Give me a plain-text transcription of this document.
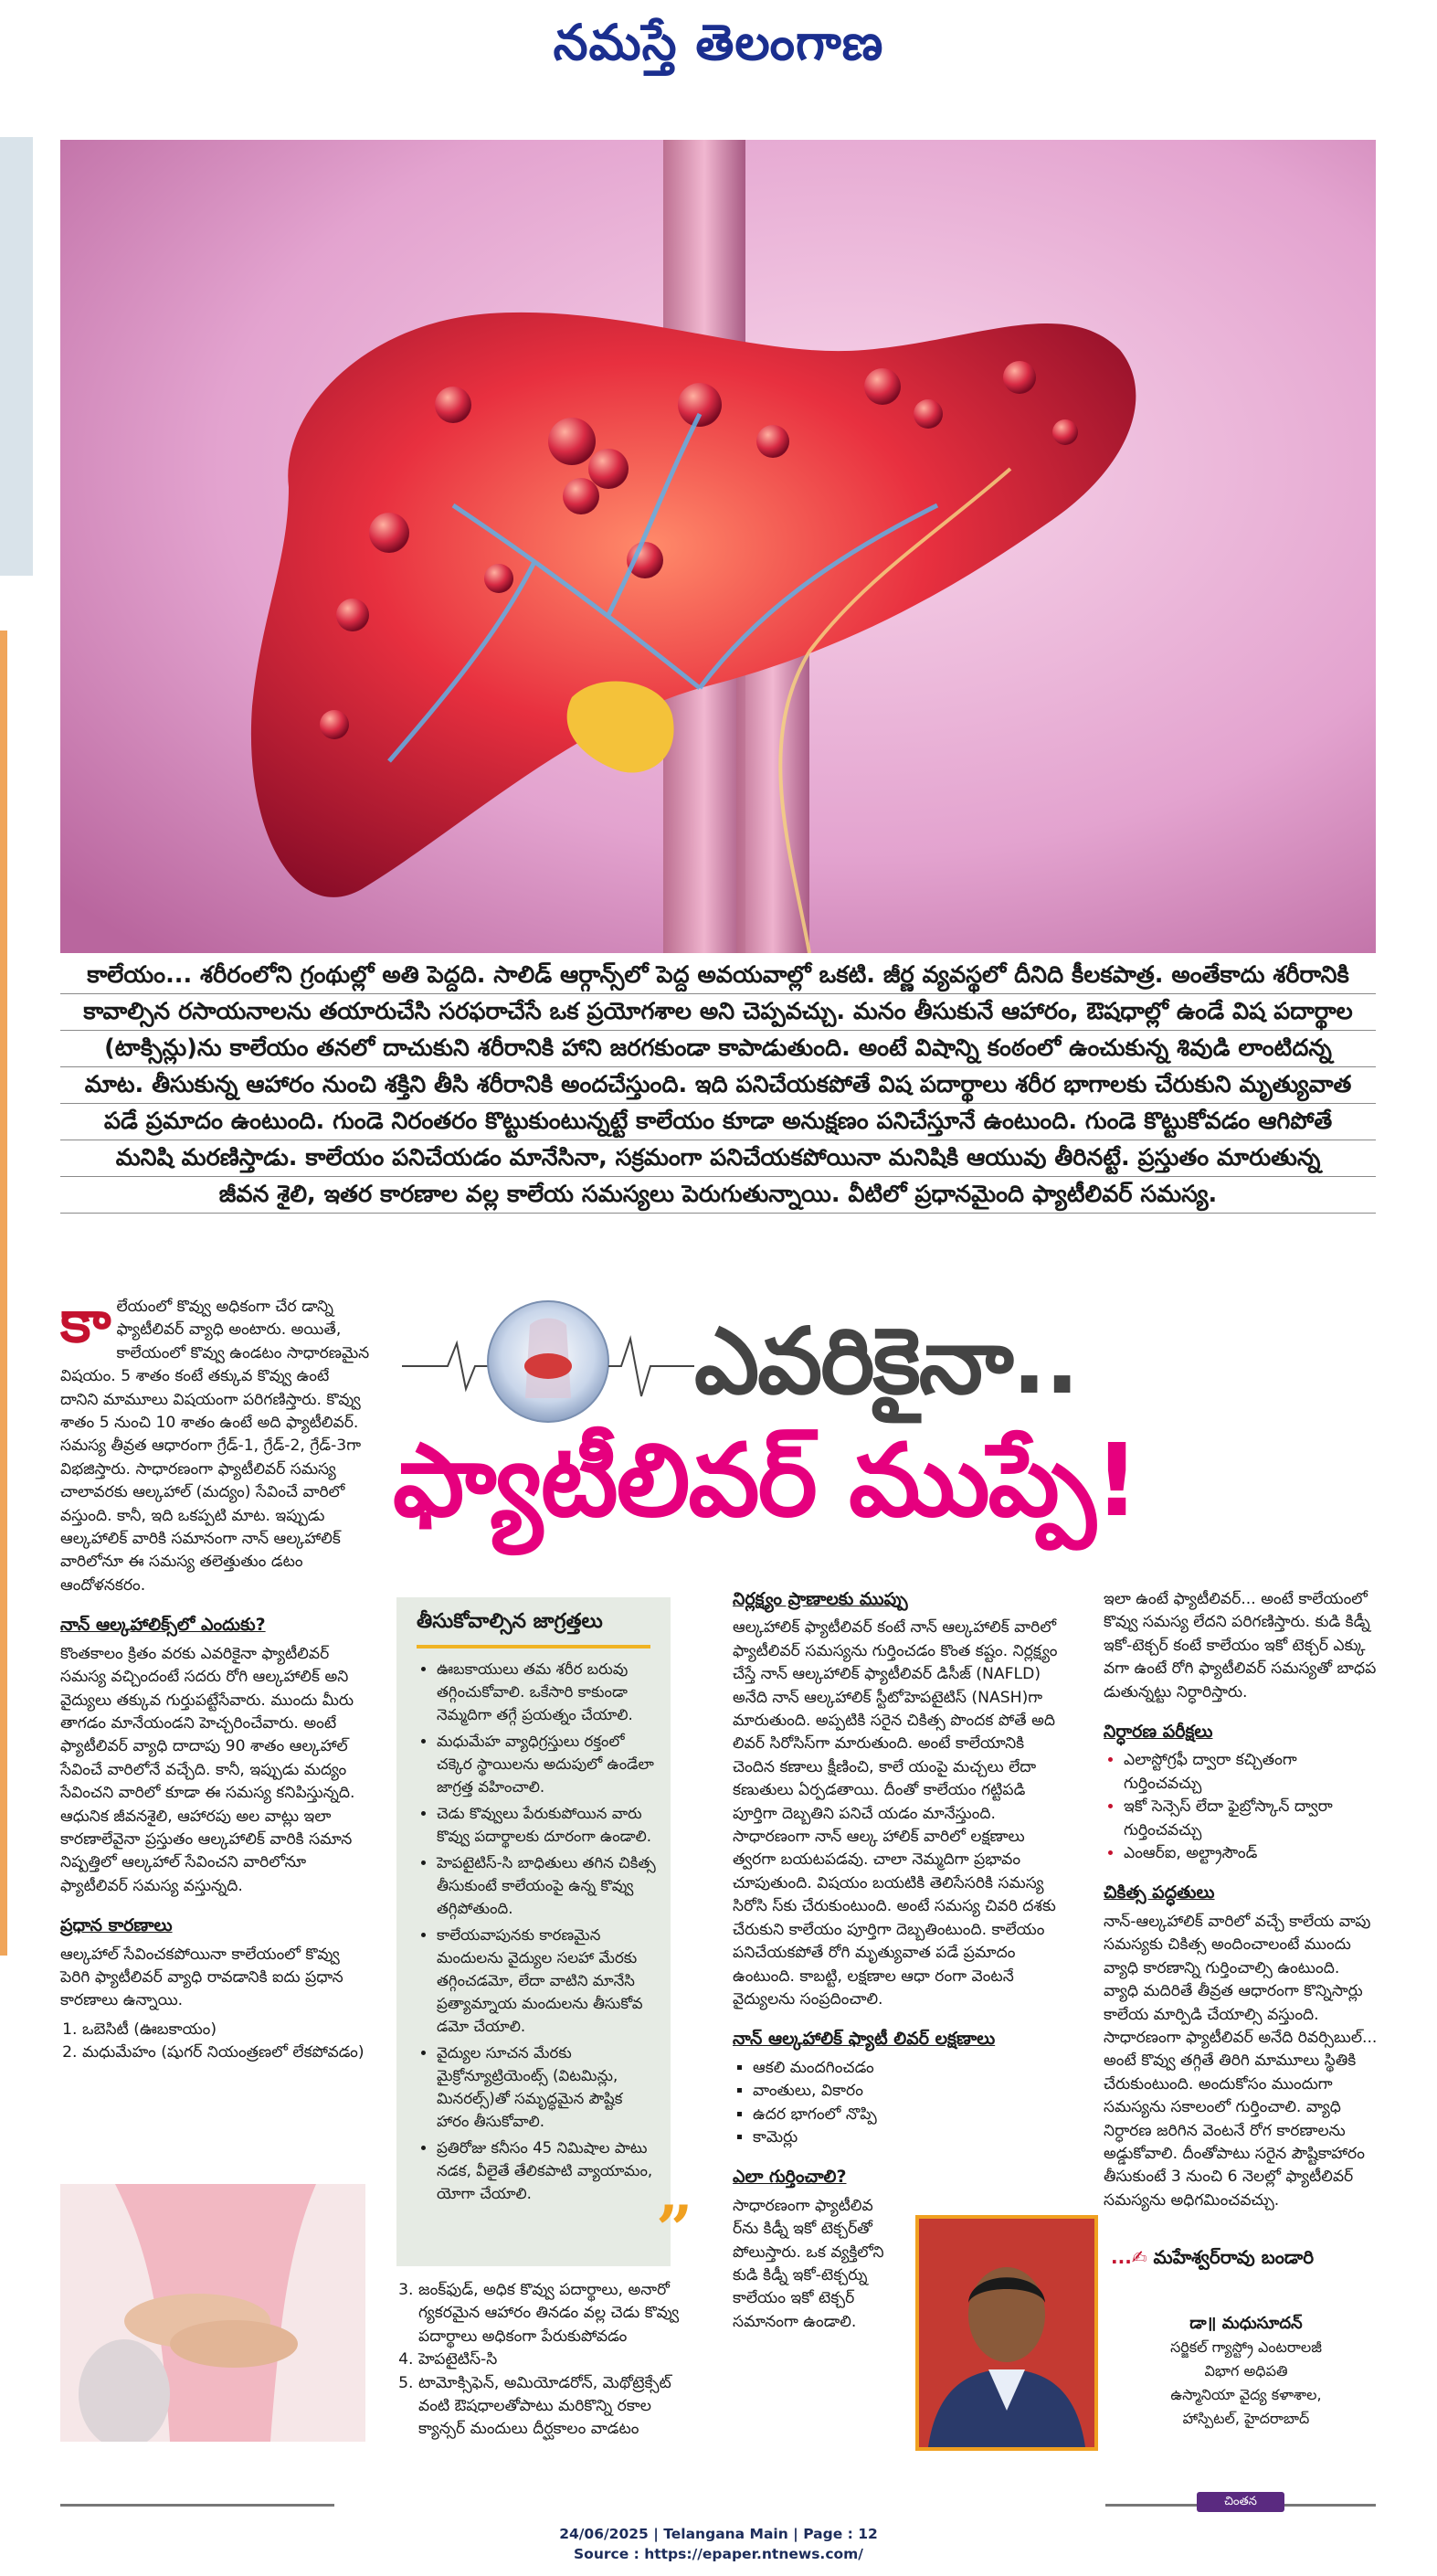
నమస్తే తెలంగాణ
కాలేయం... శరీరంలోని గ్రంథుల్లో అతి పెద్దది. సాలిడ్ ఆర్గాన్స్‌లో పెద్ద అవయవాల్లో ఒకటి. జీర్ణ వ్యవస్థలో దీనిది కీలకపాత్ర. అంతేకాదు శరీరానికి
కావాల్సిన రసాయనాలను తయారుచేసి సరఫరాచేసే ఒక ప్రయోగశాల అని చెప్పవచ్చు. మనం తీసుకునే ఆహారం, ఔషధాల్లో ఉండే విష పదార్థాల
(టాక్సిన్లు)ను కాలేయం తనలో దాచుకుని శరీరానికి హాని జరగకుండా కాపాడుతుంది. అంటే విషాన్ని కంఠంలో ఉంచుకున్న శివుడి లాంటిదన్న
మాట. తీసుకున్న ఆహారం నుంచి శక్తిని తీసి శరీరానికి అందచేస్తుంది. ఇది పనిచేయకపోతే విష పదార్థాలు శరీర భాగాలకు చేరుకుని మృత్యువాత
పడే ప్రమాదం ఉంటుంది. గుండె నిరంతరం కొట్టుకుంటున్నట్టే కాలేయం కూడా అనుక్షణం పనిచేస్తూనే ఉంటుంది. గుండె కొట్టుకోవడం ఆగిపోతే
మనిషి మరణిస్తాడు. కాలేయం పనిచేయడం మానేసినా, సక్రమంగా పనిచేయకపోయినా మనిషికి ఆయువు తీరినట్టే. ప్రస్తుతం మారుతున్న
జీవన శైలి, ఇతర కారణాల వల్ల కాలేయ సమస్యలు పెరుగుతున్నాయి. వీటిలో ప్రధానమైంది ఫ్యాటీలివర్ సమస్య.
ఎవరికైనా..
ఫ్యాటీలివర్ ముప్పే!

కాలేయంలో కొవ్వు అధికంగా చేర డాన్ని ఫ్యాటీలివర్ వ్యాధి అంటారు. అయితే, కాలేయంలో కొవ్వు ఉండటం సాధారణమైన విషయం. 5 శాతం కంటే తక్కువ కొవ్వు ఉంటే దానిని మామూలు విషయంగా పరిగణిస్తారు. కొవ్వు శాతం 5 నుంచి 10 శాతం ఉంటే అది ఫ్యాటీలివర్. సమస్య తీవ్రత ఆధారంగా గ్రేడ్-1, గ్రేడ్-2, గ్రేడ్-3గా విభజిస్తారు. సాధారణంగా ఫ్యాటీలివర్ సమస్య చాలావరకు ఆల్కహాల్ (మద్యం) సేవించే వారిలో వస్తుంది. కానీ, ఇది ఒకప్పటి మాట. ఇప్పుడు ఆల్కహాలిక్ వారికి సమానంగా నాన్ ఆల్కహాలిక్ వారిలోనూ ఈ సమస్య తలెత్తుతుం డటం ఆందోళనకరం.

నాన్ ఆల్కహాలిక్స్‌లో ఎందుకు?

కొంతకాలం క్రితం వరకు ఎవరికైనా ఫ్యాటీలివర్ సమస్య వచ్చిందంటే సదరు రోగి ఆల్కహాలిక్ అని వైద్యులు తక్కువ గుర్తుపట్టేసేవారు. ముందు మీరు తాగడం మానేయండని హెచ్చరించేవారు. అంటే ఫ్యాటీలివర్ వ్యాధి దాదాపు 90 శాతం ఆల్కహాల్ సేవించే వారిలోనే వచ్చేది. కానీ, ఇప్పుడు మద్యం సేవించని వారిలో కూడా ఈ సమస్య కనిపిస్తున్నది. ఆధునిక జీవనశైలి, ఆహారపు అల వాట్లు ఇలా కారణాలేవైనా ప్రస్తుతం ఆల్కహాలిక్ వారికి సమాన నిష్పత్తిలో ఆల్కహాల్ సేవించని వారిలోనూ ఫ్యాటీలివర్ సమస్య వస్తున్నది.

ప్రధాన కారణాలు

ఆల్కహాల్ సేవించకపోయినా కాలేయంలో కొవ్వు పెరిగి ఫ్యాటీలివర్ వ్యాధి రావడానికి ఐదు ప్రధాన కారణాలు ఉన్నాయి.

1. ఒబెసిటీ (ఊబకాయం)
2. మధుమేహం (షుగర్ నియంత్రణలో లేకపోవడం)
తీసుకోవాల్సిన జాగ్రత్తలు
• ఊబకాయులు తమ శరీర బరువు తగ్గించుకోవాలి. ఒకేసారి కాకుండా నెమ్మదిగా తగ్గే ప్రయత్నం చేయాలి.
• మధుమేహ వ్యాధిగ్రస్తులు రక్తంలో చక్కెర స్థాయిలను అదుపులో ఉండేలా జాగ్రత్త వహించాలి.
• చెడు కొవ్వులు పేరుకుపోయిన వారు కొవ్వు పదార్థాలకు దూరంగా ఉండాలి.
• హెపటైటిస్-సి బాధితులు తగిన చికిత్స తీసుకుంటే కాలేయంపై ఉన్న కొవ్వు తగ్గిపోతుంది.
• కాలేయవాపునకు కారణమైన మందులను వైద్యుల సలహా మేరకు తగ్గించడమో, లేదా వాటిని మానేసి ప్రత్యామ్నాయ మందులను తీసుకోవ డమో చేయాలి.
• వైద్యుల సూచన మేరకు మైక్రోన్యూట్రియెంట్స్ (విటమిన్లు, మినరల్స్)తో సమృద్ధమైన పౌష్టిక హారం తీసుకోవాలి.
• ప్రతిరోజు కనీసం 45 నిమిషాల పాటు నడక, వీలైతే తేలికపాటి వ్యాయామం, యోగా చేయాలి.	”
3. జంక్‌ఫుడ్, అధిక కొవ్వు పదార్థాలు, అనారో గ్యకరమైన ఆహారం తినడం వల్ల చెడు కొవ్వు పదార్థాలు అధికంగా పేరుకుపోవడం
4. హెపటైటిస్-సి
5. టామోక్సిఫెన్, అమియోడరోన్, మెథోట్రెక్సేట్ వంటి ఔషధాలతోపాటు మరికొన్ని రకాల క్యాన్సర్ మందులు దీర్ఘకాలం వాడటం
నిర్లక్ష్యం ప్రాణాలకు ముప్పు

ఆల్కహాలిక్ ఫ్యాటీలివర్ కంటే నాన్ ఆల్కహాలిక్ వారిలో ఫ్యాటీలివర్ సమస్యను గుర్తించడం కొంత కష్టం. నిర్లక్ష్యం చేస్తే నాన్ ఆల్కహాలిక్ ఫ్యాటీలివర్ డిసీజ్ (NAFLD) అనేది నాన్ ఆల్కహాలిక్ స్టీటోహెపటైటిస్ (NASH)గా మారుతుంది. అప్పటికి సరైన చికిత్స పొందక పోతే అది లివర్ సిరోసిస్‌గా మారుతుంది. అంటే కాలేయానికి చెందిన కణాలు క్షీణించి, కాలే యంపై మచ్చలు లేదా కణుతులు ఏర్పడతాయి. దీంతో కాలేయం గట్టిపడి పూర్తిగా దెబ్బతిని పనిచే యడం మానేస్తుంది. సాధారణంగా నాన్ ఆల్క హాలిక్ వారిలో లక్షణాలు త్వరగా బయటపడవు. చాలా నెమ్మదిగా ప్రభావం చూపుతుంది. విషయం బయటికి తెలిసేసరికి సమస్య సిరోసి స్‌కు చేరుకుంటుంది. అంటే సమస్య చివరి దశకు చేరుకుని కాలేయం పూర్తిగా దెబ్బతింటుంది. కాలేయం పనిచేయకపోతే రోగి మృత్యువాత పడే ప్రమాదం ఉంటుంది. కాబట్టి, లక్షణాల ఆధా రంగా వెంటనే వైద్యులను సంప్రదించాలి.

నాన్ ఆల్కహాలిక్ ఫ్యాటీ లివర్ లక్షణాలు
▪ ఆకలి మందగించడం
▪ వాంతులు, వికారం
▪ ఉదర భాగంలో నొప్పి
▪ కామెర్లు
ఎలా గుర్తించాలి?

సాధారణంగా ఫ్యాటీలివ ర్‌ను కిడ్నీ ఇకో టెక్చర్‌తో పోలుస్తారు. ఒక వ్యక్తిలోని కుడి కిడ్నీ ఇకో-టెక్చర్ను కాలేయం ఇకో టెక్చర్ సమానంగా ఉండాలి.

ఇలా ఉంటే ఫ్యాటీలివర్... అంటే కాలేయంలో కొవ్వు సమస్య లేదని పరిగణిస్తారు. కుడి కిడ్నీ ఇకో-టెక్చర్ కంటే కాలేయం ఇకో టెక్చర్ ఎక్కు వగా ఉంటే రోగి ఫ్యాటీలివర్ సమస్యతో బాధప డుతున్నట్టు నిర్ధారిస్తారు.

నిర్ధారణ పరీక్షలు
• ఎలాస్టోగ్రఫీ ద్వారా కచ్చితంగా గుర్తించవచ్చు
• ఇకో సెన్సెస్ లేదా ఫైబ్రోస్కాన్ ద్వారా గుర్తించవచ్చు
• ఎంఆర్ఐ, అల్ట్రాసౌండ్
చికిత్స పద్ధతులు

నాన్-ఆల్కహాలిక్ వారిలో వచ్చే కాలేయ వాపు సమస్యకు చికిత్స అందించాలంటే ముందు వ్యాధి కారణాన్ని గుర్తించాల్సి ఉంటుంది. వ్యాధి మదిరితే తీవ్రత ఆధారంగా కొన్నిసార్లు కాలేయ మార్పిడి చేయాల్సి వస్తుంది. సాధారణంగా ఫ్యాటీలివర్ అనేది రివర్సిబుల్... అంటే కొవ్వు తగ్గితే తిరిగి మామూలు స్థితికి చేరుకుంటుంది. అందుకోసం ముందుగా సమస్యను సకాలంలో గుర్తించాలి. వ్యాధి నిర్ధారణ జరిగిన వెంటనే రోగ కారణాలను అడ్డుకోవాలి. దీంతోపాటు సరైన పౌష్టికాహారం తీసుకుంటే 3 నుంచి 6 నెలల్లో ఫ్యాటీలివర్ సమస్యను అధిగమించవచ్చు.

...✍ మహేశ్వర్‌రావు బండారి
డా॥ మధుసూదన్
సర్జికల్ గ్యాస్ట్రో ఎంటరాలజీ
విభాగ అధిపతి
ఉస్మానియా వైద్య కళాశాల,
హాస్పిటల్, హైదరాబాద్
చింతన
24/06/2025 | Telangana Main | Page : 12
Source : https://epaper.ntnews.com/
